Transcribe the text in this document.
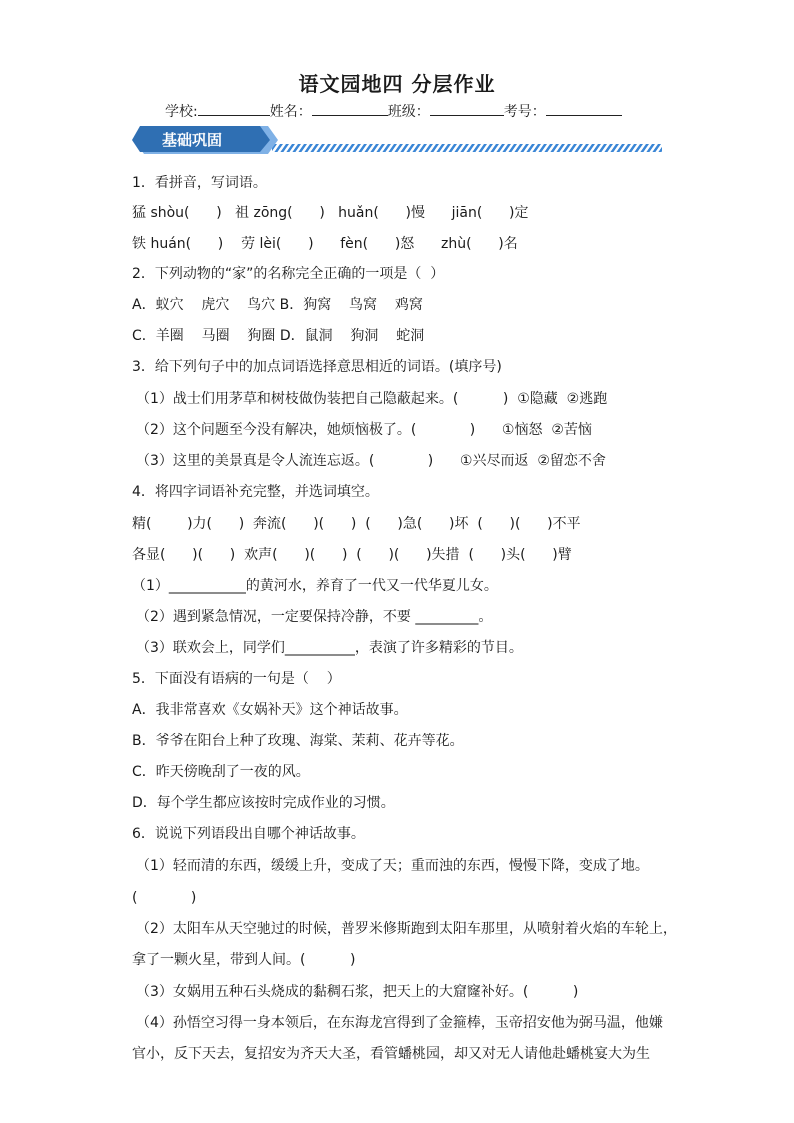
语文园地四 分层作业
学校:	姓名：	班级：	考号：
基础巩固
1．看拼音，写词语。
猛 shòu(      )   祖 zōng(      )   huǎn(      )慢      jiān(      )定
铁 huán(      )    劳 lèi(      )      fèn(      )怒      zhù(      )名
2．下列动物的“家”的名称完全正确的一项是（  ）
A．蚁穴    虎穴    鸟穴 B．狗窝    鸟窝    鸡窝
C．羊圈    马圈    狗圈 D．鼠洞    狗洞    蛇洞
3．给下列句子中的加点词语选择意思相近的词语。(填序号)
（1）战士们用茅草和树枝做伪装把自己隐蔽起来。(          )  ①隐藏  ②逃跑
（2）这个问题至今没有解决，她烦恼极了。(            )      ①恼怒  ②苦恼
（3）这里的美景真是令人流连忘返。(            )      ①兴尽而返  ②留恋不舍
4．将四字词语补充完整，并选词填空。
精(        )力(      )  奔流(      )(      )  (      )急(      )坏  (      )(      )不平
各显(      )(      )  欢声(      )(      )  (      )(      )失措  (      )头(      )臂
（1）___________的黄河水，养育了一代又一代华夏儿女。
（2）遇到紧急情况，一定要保持冷静，不要 _________。
（3）联欢会上，同学们__________，表演了许多精彩的节目。
5．下面没有语病的一句是（    ）
A．我非常喜欢《女娲补天》这个神话故事。
B．爷爷在阳台上种了玫瑰、海棠、茉莉、花卉等花。
C．昨天傍晚刮了一夜的风。
D．每个学生都应该按时完成作业的习惯。
6．说说下列语段出自哪个神话故事。
（1）轻而清的东西，缓缓上升，变成了天；重而浊的东西，慢慢下降，变成了地。
(            )
（2）太阳车从天空驰过的时候，普罗米修斯跑到太阳车那里，从喷射着火焰的车轮上，
拿了一颗火星，带到人间。(          )
（3）女娲用五种石头烧成的黏稠石浆，把天上的大窟窿补好。(          )
（4）孙悟空习得一身本领后，在东海龙宫得到了金箍棒，玉帝招安他为弼马温，他嫌
官小，反下天去，复招安为齐天大圣，看管蟠桃园，却又对无人请他赴蟠桃宴大为生
